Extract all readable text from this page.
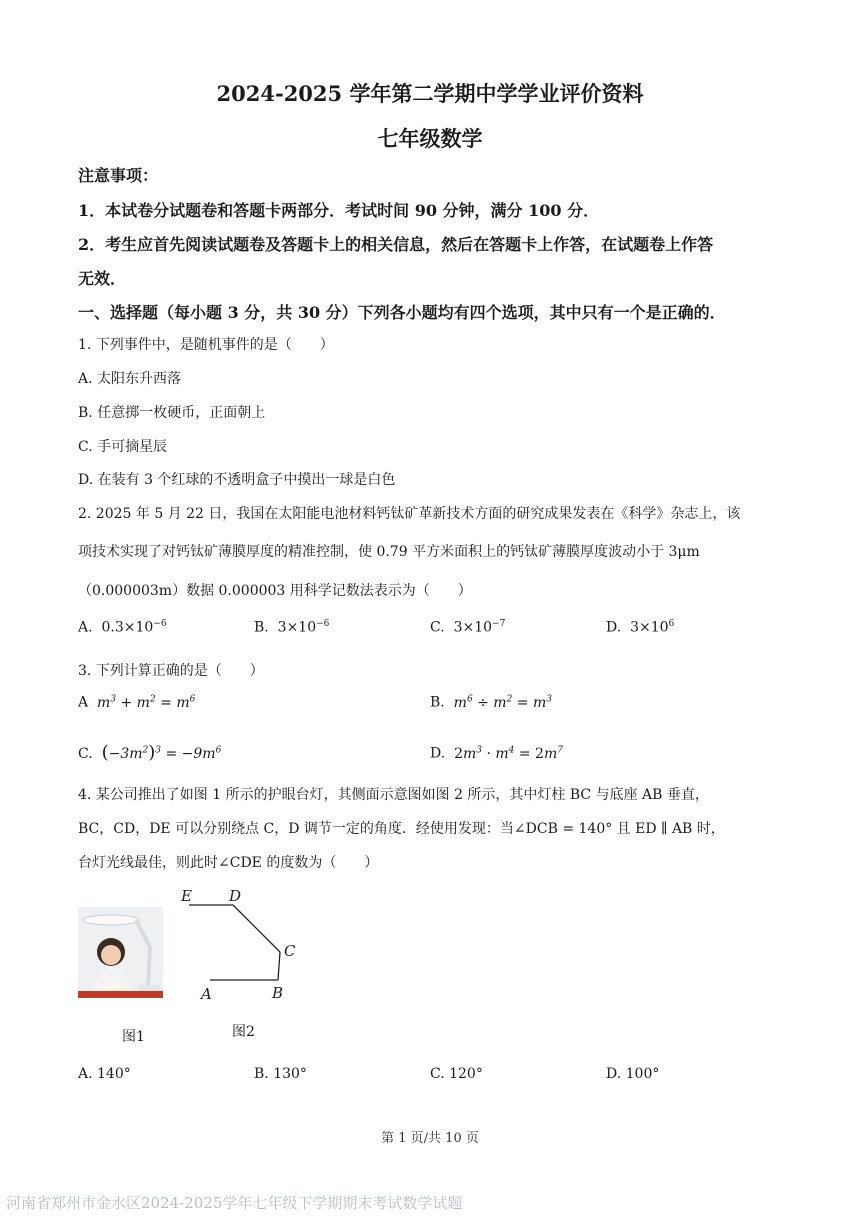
2024-2025 学年第二学期中学学业评价资料
七年级数学
注意事项：
1．本试卷分试题卷和答题卡两部分．考试时间 90 分钟，满分 100 分．
2．考生应首先阅读试题卷及答题卡上的相关信息，然后在答题卡上作答，在试题卷上作答
无效．
一、选择题（每小题 3 分，共 30 分）下列各小题均有四个选项，其中只有一个是正确的．
1. 下列事件中，是随机事件的是（　　）
A. 太阳东升西落
B. 任意掷一枚硬币，正面朝上
C. 手可摘星辰
D. 在装有 3 个红球的不透明盒子中摸出一球是白色
2. 2025 年 5 月 22 日，我国在太阳能电池材料钙钛矿革新技术方面的研究成果发表在《科学》杂志上，该
项技术实现了对钙钛矿薄膜厚度的精准控制，使 0.79 平方米面积上的钙钛矿薄膜厚度波动小于 3μm
（0.000003m）数据 0.000003 用科学记数法表示为（　　）
A. $0.3\times 10^{-6}$	B. $3\times 10^{-6}$	C. $3\times 10^{-7}$	D. $3\times 10^6$
3. 下列计算正确的是（　　）
A $m^3 + m^2 = m^6$	B. $m^6 \div m^2 = m^3$
C. $(-3m^2)^3 = -9m^6$	D. $2m^3 \cdot m^4 = 2m^7$
4. 某公司推出了如图 1 所示的护眼台灯，其侧面示意图如图 2 所示，其中灯柱 BC 与底座 AB 垂直，
BC，CD，DE 可以分别绕点 C，D 调节一定的角度．经使用发现：当∠DCB = 140° 且 ED ∥ AB 时，
台灯光线最佳，则此时∠CDE 的度数为（　　）
图1
E D
C
A	B
图2
A. 140°	B. 130°	C. 120°	D. 100°
第 1 页/共 10 页
河南省郑州市金水区2024-2025学年七年级下学期期末考试数学试题
